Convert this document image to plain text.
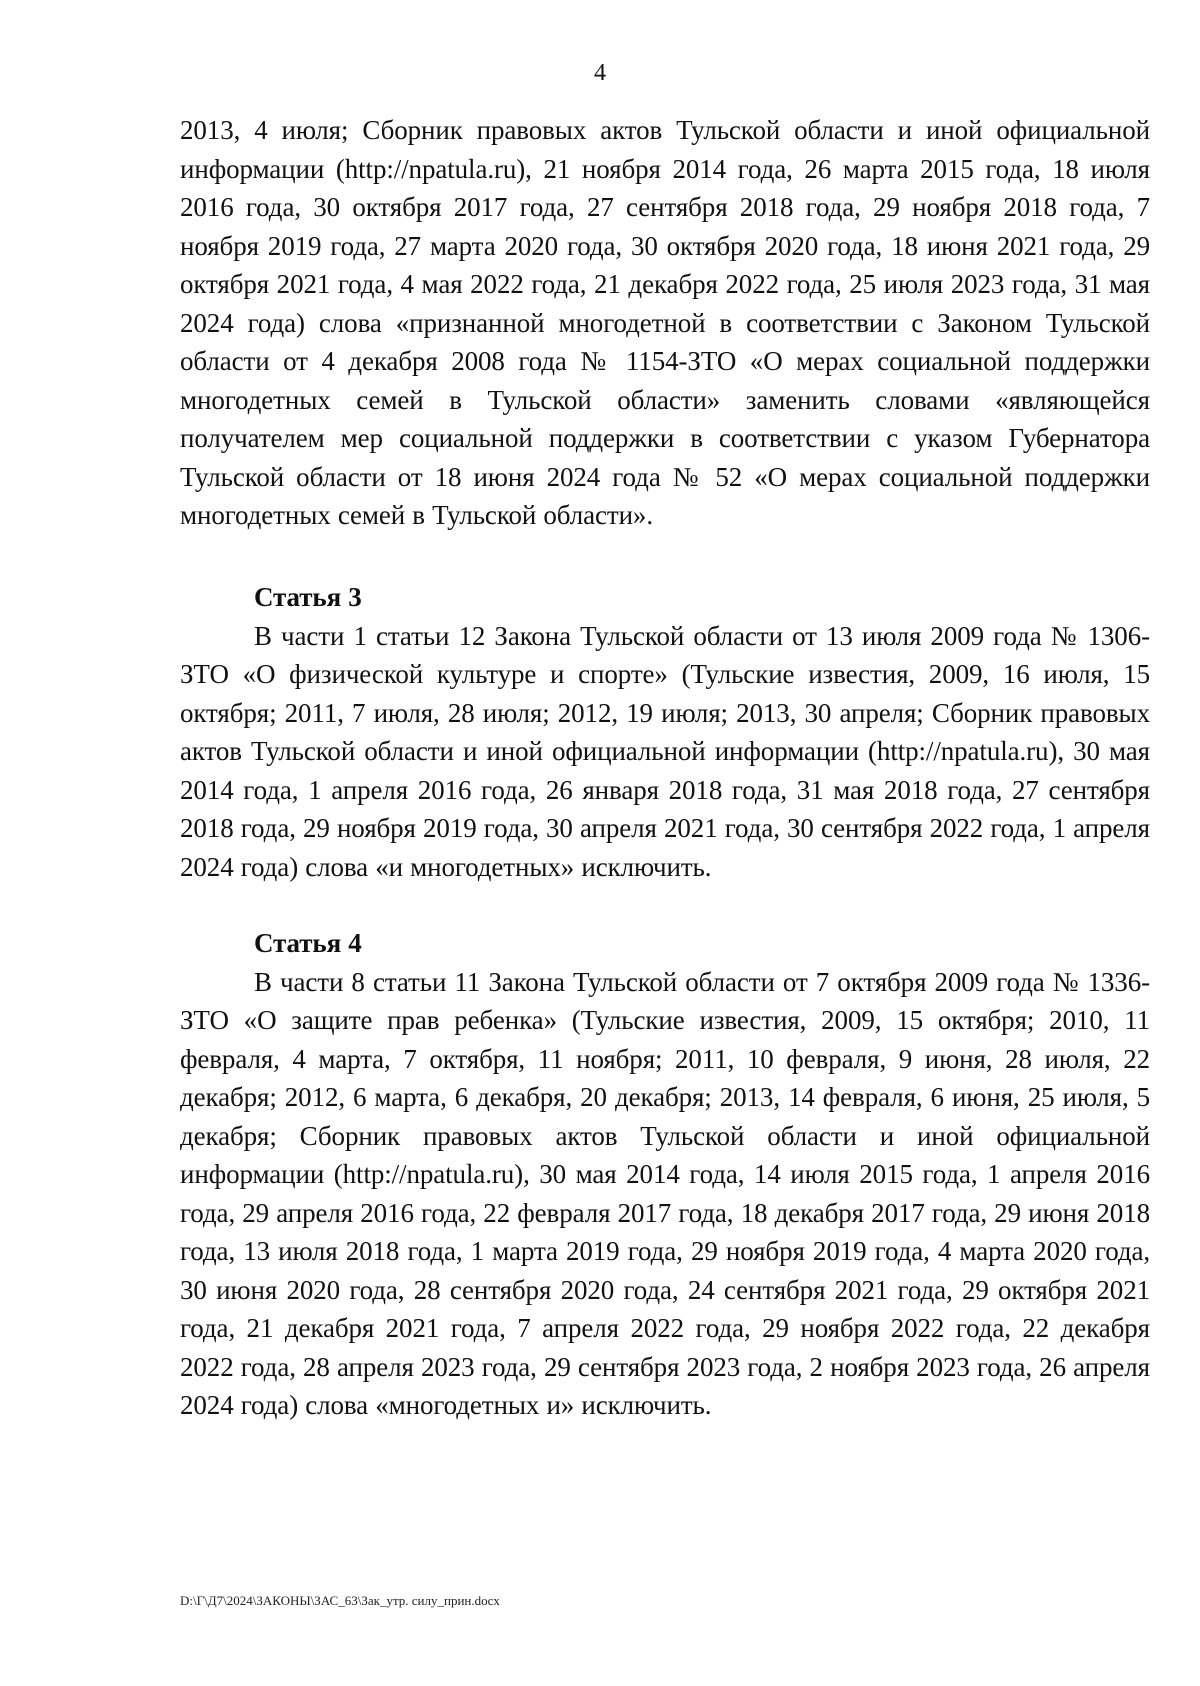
4

2013, 4 июля; Сборник правовых актов Тульской области и иной официальной информации (http://npatula.ru), 21 ноября 2014 года, 26 марта 2015 года, 18 июля 2016 года, 30 октября 2017 года, 27 сентября 2018 года, 29 ноября 2018 года, 7 ноября 2019 года, 27 марта 2020 года, 30 октября 2020 года, 18 июня 2021 года, 29 октября 2021 года, 4 мая 2022 года, 21 декабря 2022 года, 25 июля 2023 года, 31 мая 2024 года) слова «признанной многодетной в соответствии с Законом Тульской области от 4 декабря 2008 года № 1154-ЗТО «О мерах социальной поддержки многодетных семей в Тульской области» заменить словами «являющейся получателем мер социальной поддержки в соответствии с указом Губернатора Тульской области от 18 июня 2024 года № 52 «О мерах социальной поддержки многодетных семей в Тульской области».

Статья 3

В части 1 статьи 12 Закона Тульской области от 13 июля 2009 года № 1306-ЗТО «О физической культуре и спорте» (Тульские известия, 2009, 16 июля, 15 октября; 2011, 7 июля, 28 июля; 2012, 19 июля; 2013, 30 апреля; Сборник правовых актов Тульской области и иной официальной информации (http://npatula.ru), 30 мая 2014 года, 1 апреля 2016 года, 26 января 2018 года, 31 мая 2018 года, 27 сентября 2018 года, 29 ноября 2019 года, 30 апреля 2021 года, 30 сентября 2022 года, 1 апреля 2024 года) слова «и многодетных» исключить.

Статья 4

В части 8 статьи 11 Закона Тульской области от 7 октября 2009 года № 1336-ЗТО «О защите прав ребенка» (Тульские известия, 2009, 15 октября; 2010, 11 февраля, 4 марта, 7 октября, 11 ноября; 2011, 10 февраля, 9 июня, 28 июля, 22 декабря; 2012, 6 марта, 6 декабря, 20 декабря; 2013, 14 февраля, 6 июня, 25 июля, 5 декабря; Сборник правовых актов Тульской области и иной официальной информации (http://npatula.ru), 30 мая 2014 года, 14 июля 2015 года, 1 апреля 2016 года, 29 апреля 2016 года, 22 февраля 2017 года, 18 декабря 2017 года, 29 июня 2018 года, 13 июля 2018 года, 1 марта 2019 года, 29 ноября 2019 года, 4 марта 2020 года, 30 июня 2020 года, 28 сентября 2020 года, 24 сентября 2021 года, 29 октября 2021 года, 21 декабря 2021 года, 7 апреля 2022 года, 29 ноября 2022 года, 22 декабря 2022 года, 28 апреля 2023 года, 29 сентября 2023 года, 2 ноября 2023 года, 26 апреля 2024 года) слова «многодетных и» исключить.

D:\Г\Д7\2024\ЗАКОНЫ\ЗАС_63\Зак_утр. силу_прин.docx
